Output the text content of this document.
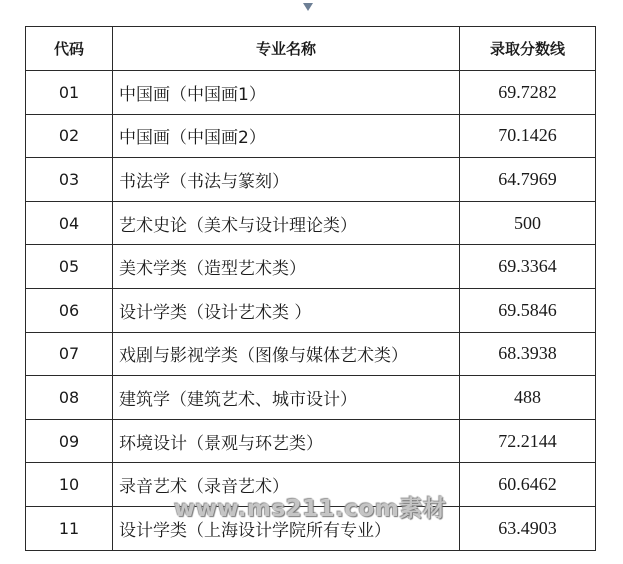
代码	专业名称	录取分数线
01	中国画（中国画1）	69.7282
02	中国画（中国画2）	70.1426
03	书法学（书法与篆刻）	64.7969
04	艺术史论（美术与设计理论类）	500
05	美术学类（造型艺术类）	69.3364
06	设计学类（设计艺术类 ）	69.5846
07	戏剧与影视学类（图像与媒体艺术类）	68.3938
08	建筑学（建筑艺术、城市设计）	488
09	环境设计（景观与环艺类）	72.2144
10	录音艺术（录音艺术）	60.6462
11	设计学类（上海设计学院所有专业）	63.4903
www.ms211.com素材
